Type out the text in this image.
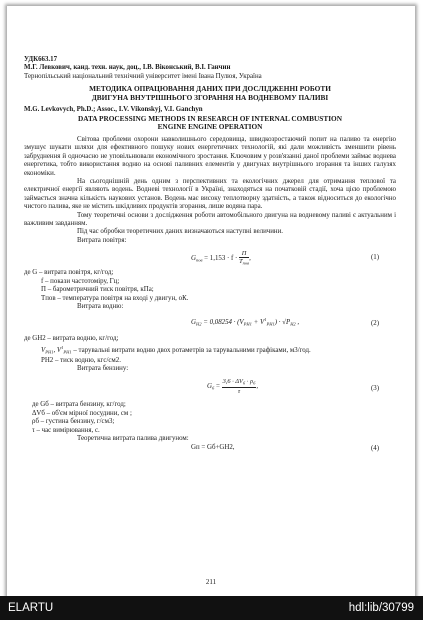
УДК663.17
М.Г. Левкович, канд. техн. наук, доц., І.В. Віконський, В.І. Ганчин
Тернопільський національний технічний університет імені Івана Пулюя, Україна
МЕТОДИКА ОПРАЦЮВАННЯ ДАНИХ ПРИ ДОСЛІДЖЕННІ РОБОТИ
ДВИГУНА ВНУТРІШНЬОГО ЗГОРАННЯ НА ВОДНЕВОМУ ПАЛИВІ
M.G. Levkovych, Ph.D.; Assoc., I.V. Vikonskyj, V.I. Ganchyn
DATA PROCESSING METHODS IN RESEARCH OF INTERNAL COMBUSTION
ENGINE ENGINE OPERATION
Світова проблеми охорони навколишнього середовища, швидкозростаючий попит на паливо та енергію змушує шукати шляхи для ефективного пошуку нових енергетичних технологій, які дали можливість зменшити рівень забруднення й одночасно не уповільнювали економічного зростання. Ключовим у розв'язанні даної проблеми займає воднева енергетика, тобто використання водню на основі паливних елементів у двигунах внутрішнього згорання та інших галузях економіки.
На сьогоднішній день одним з перспективних та екологічних джерел для отримання теплової та електричної енергії являють водень. Водневі технології в Україні, знаходяться на початковій стадії, хоча цією проблемою займається значна кількість наукових установ. Водень має високу теплотворну здатність, а також відноситься до екологічно чистого палива, яке не містить шкідливих продуктів згорання, лише водяна пара.
Тому теоретичні основи з дослідження роботи автомобільного двигуна на водневому паливі є актуальним і важливим завданням.
Під час обробки теоретичних даних визначаються наступні величини.
Витрата повітря:
$G_{пов} = 1,153 \cdot f \cdot \frac{П}{T_{пов}}$ ,	(1)
де G – витрата повітря, кг/год;
f – покази частотоміру, Гц;
П – барометричний тиск повітря, кПа;
Tпов – температура повітря на вході у двигун, оК.
Витрата водню:
$G_{H2} = 0,08254 \cdot (V_{РН1} + V^1_{РН1}) \cdot √P_{H2}$ ,	(2)
де GH2 – витрата водню, кг/год;
$V_{РН1}$, $V^1_{РН1}$ – тарувальні витрати водню двох ротаметрів за тарувальними графіками, м3/год.
PH2 – тиск водню, кгс/см2.
Витрата бензину:
$G_б = \frac{3,6 \cdot \Delta V_б \cdot \rho_б}{\tau}$ ,	(3)
де Gб – витрата бензину, кг/год;
ΔVб – об'єм мірної посудини, см ;
ρб – густина бензину, г/см3;
τ – час вимірювання, с.
Теоретична витрата палива двигуном:
Gп = Gб+GH2,	(4)
211
ELARTU	hdl:lib/30799
